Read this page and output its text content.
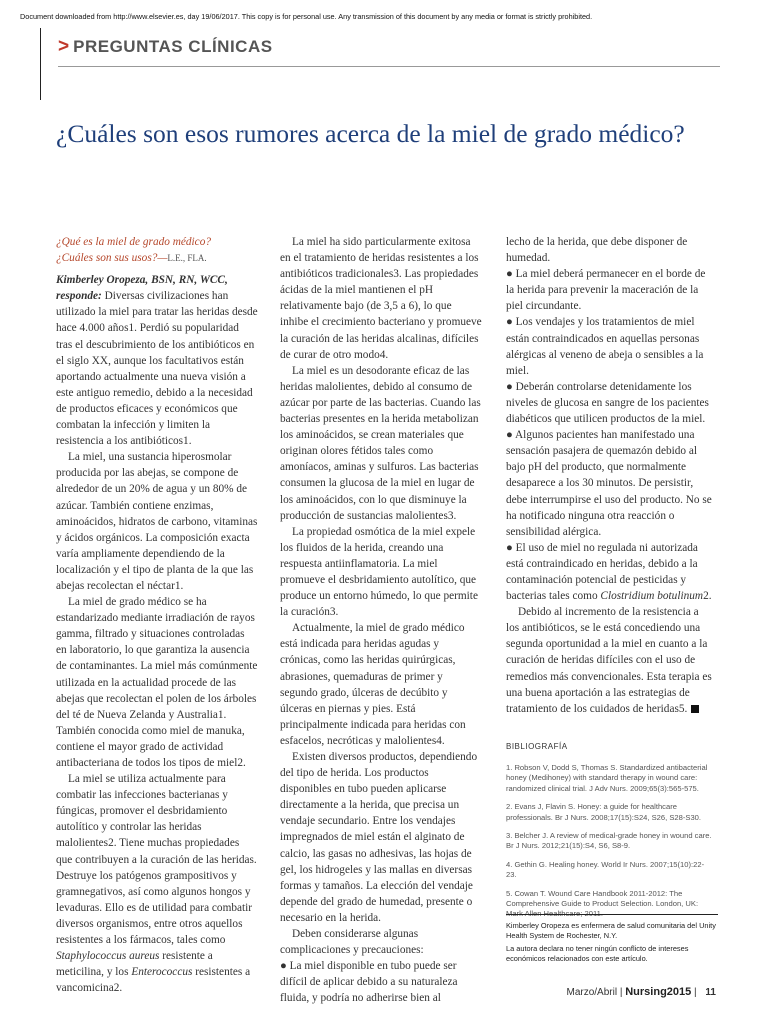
Document downloaded from http://www.elsevier.es, day 19/06/2017. This copy is for personal use. Any transmission of this document by any media or format is strictly prohibited.
> PREGUNTAS CLÍNICAS
¿Cuáles son esos rumores acerca de la miel de grado médico?
¿Qué es la miel de grado médico?
¿Cuáles son sus usos?—L.E., FLA.

Kimberley Oropeza, BSN, RN, WCC, responde: Diversas civilizaciones han utilizado la miel para tratar las heridas desde hace 4.000 años1. Perdió su popularidad tras el descubrimiento de los antibióticos en el siglo XX, aunque los facultativos están aportando actualmente una nueva visión a este antiguo remedio, debido a la necesidad de productos eficaces y económicos que combatan la infección y limiten la resistencia a los antibióticos1.

La miel, una sustancia hiperosmolar producida por las abejas, se compone de alrededor de un 20% de agua y un 80% de azúcar. También contiene enzimas, aminoácidos, hidratos de carbono, vitaminas y ácidos orgánicos. La composición exacta varía ampliamente dependiendo de la localización y el tipo de planta de la que las abejas recolectan el néctar1.

La miel de grado médico se ha estandarizado mediante irradiación de rayos gamma, filtrado y situaciones controladas en laboratorio, lo que garantiza la ausencia de contaminantes. La miel más comúnmente utilizada en la actualidad procede de las abejas que recolectan el polen de los árboles del té de Nueva Zelanda y Australia1. También conocida como miel de manuka, contiene el mayor grado de actividad antibacteriana de todos los tipos de miel2.

La miel se utiliza actualmente para combatir las infecciones bacterianas y fúngicas, promover el desbridamiento autolítico y controlar las heridas malolientes2. Tiene muchas propiedades que contribuyen a la curación de las heridas. Destruye los patógenos grampositivos y gramnegativos, así como algunos hongos y levaduras. Ello es de utilidad para combatir diversos organismos, entre otros aquellos resistentes a los fármacos, tales como Staphylococcus aureus resistente a meticilina, y los Enterococcus resistentes a vancomicina2.

La miel ha sido particularmente exitosa en el tratamiento de heridas resistentes a los antibióticos tradicionales3. Las propiedades ácidas de la miel mantienen el pH relativamente bajo (de 3,5 a 6), lo que inhibe el crecimiento bacteriano y promueve la curación de las heridas alcalinas, difíciles de curar de otro modo4.

La miel es un desodorante eficaz de las heridas malolientes, debido al consumo de azúcar por parte de las bacterias. Cuando las bacterias presentes en la herida metabolizan los aminoácidos, se crean materiales que originan olores fétidos tales como amoníacos, aminas y sulfuros. Las bacterias consumen la glucosa de la miel en lugar de los aminoácidos, con lo que disminuye la producción de sustancias malolientes3.

La propiedad osmótica de la miel expele los fluidos de la herida, creando una respuesta antiinflamatoria. La miel promueve el desbridamiento autolítico, que produce un entorno húmedo, lo que permite la curación3.

Actualmente, la miel de grado médico está indicada para heridas agudas y crónicas, como las heridas quirúrgicas, abrasiones, quemaduras de primer y segundo grado, úlceras de decúbito y úlceras en piernas y pies. Está principalmente indicada para heridas con esfacelos, necróticas y malolientes4.

Existen diversos productos, dependiendo del tipo de herida. Los productos disponibles en tubo pueden aplicarse directamente a la herida, que precisa un vendaje secundario. Entre los vendajes impregnados de miel están el alginato de calcio, las gasas no adhesivas, las hojas de gel, los hidrogeles y las mallas en diversas formas y tamaños. La elección del vendaje depende del grado de humedad, presente o necesario en la herida.

Deben considerarse algunas complicaciones y precauciones:

● La miel disponible en tubo puede ser difícil de aplicar debido a su naturaleza fluida, y podría no adherirse bien al

lecho de la herida, que debe disponer de humedad.

● La miel deberá permanecer en el borde de la herida para prevenir la maceración de la piel circundante.

● Los vendajes y los tratamientos de miel están contraindicados en aquellas personas alérgicas al veneno de abeja o sensibles a la miel.

● Deberán controlarse detenidamente los niveles de glucosa en sangre de los pacientes diabéticos que utilicen productos de la miel.

● Algunos pacientes han manifestado una sensación pasajera de quemazón debido al bajo pH del producto, que normalmente desaparece a los 30 minutos. De persistir, debe interrumpirse el uso del producto. No se ha notificado ninguna otra reacción o sensibilidad alérgica.

● El uso de miel no regulada ni autorizada está contraindicado en heridas, debido a la contaminación potencial de pesticidas y bacterias tales como Clostridium botulinum2.

Debido al incremento de la resistencia a los antibióticos, se le está concediendo una segunda oportunidad a la miel en cuanto a la curación de heridas difíciles con el uso de remedios más convencionales. Esta terapia es una buena aportación a las estrategias de tratamiento de los cuidados de heridas5.

BIBLIOGRAFÍA
1. Robson V, Dodd S, Thomas S. Standardized antibacterial honey (Medihoney) with standard therapy in wound care: randomized clinical trial. J Adv Nurs. 2009;65(3):565-575.
2. Evans J, Flavin S. Honey: a guide for healthcare professionals. Br J Nurs. 2008;17(15):S24, S26, S28-S30.
3. Belcher J. A review of medical-grade honey in wound care. Br J Nurs. 2012;21(15):S4, S6, S8-9.
4. Gethin G. Healing honey. World Ir Nurs. 2007;15(10):22-23.
5. Cowan T. Wound Care Handbook 2011-2012: The Comprehensive Guide to Product Selection. London, UK: Mark Allen Healthcare; 2011.

Kimberley Oropeza es enfermera de salud comunitaria del Unity Health System de Rochester, N.Y.

La autora declara no tener ningún conflicto de intereses económicos relacionados con este artículo.

Marzo/Abril | Nursing2015 | 11
